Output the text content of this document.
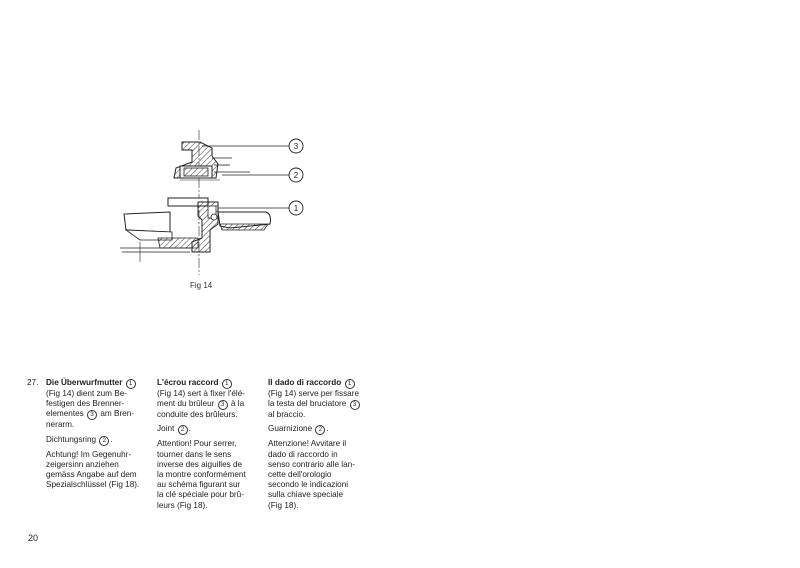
3
2
1
Fig 14
27. Die Überwurfmutter 1
(Fig 14) dient zum Be-
festigen des Brenner-
elementes 3 am Bren-
nerarm.

Dichtungsring 2 .

Achtung! Im Gegenuhr-
zeigersinn anziehen
gemäss Angabe auf dem
Spezialschlüssel (Fig 18).

L'écrou raccord 1
(Fig 14) sert à fixer l'élé-
ment du brûleur 3 à la
conduite des brûleurs.

Joint 2 .

Attention! Pour serrer,
tourner dans le sens
inverse des aiguilles de
la montre conformément
au schéma figurant sur
la clé spéciale pour brû-
leurs (Fig 18).

Il dado di raccordo 1
(Fig 14) serve per fissare
la testa del bruciatore 3
al braccio.

Guarnizione 2 .

Attenzione! Avvitare il
dado di raccordo in
senso contrario alle lan-
cette dell'orologio
secondo le indicazioni
sulla chiave speciale
(Fig 18).

20
